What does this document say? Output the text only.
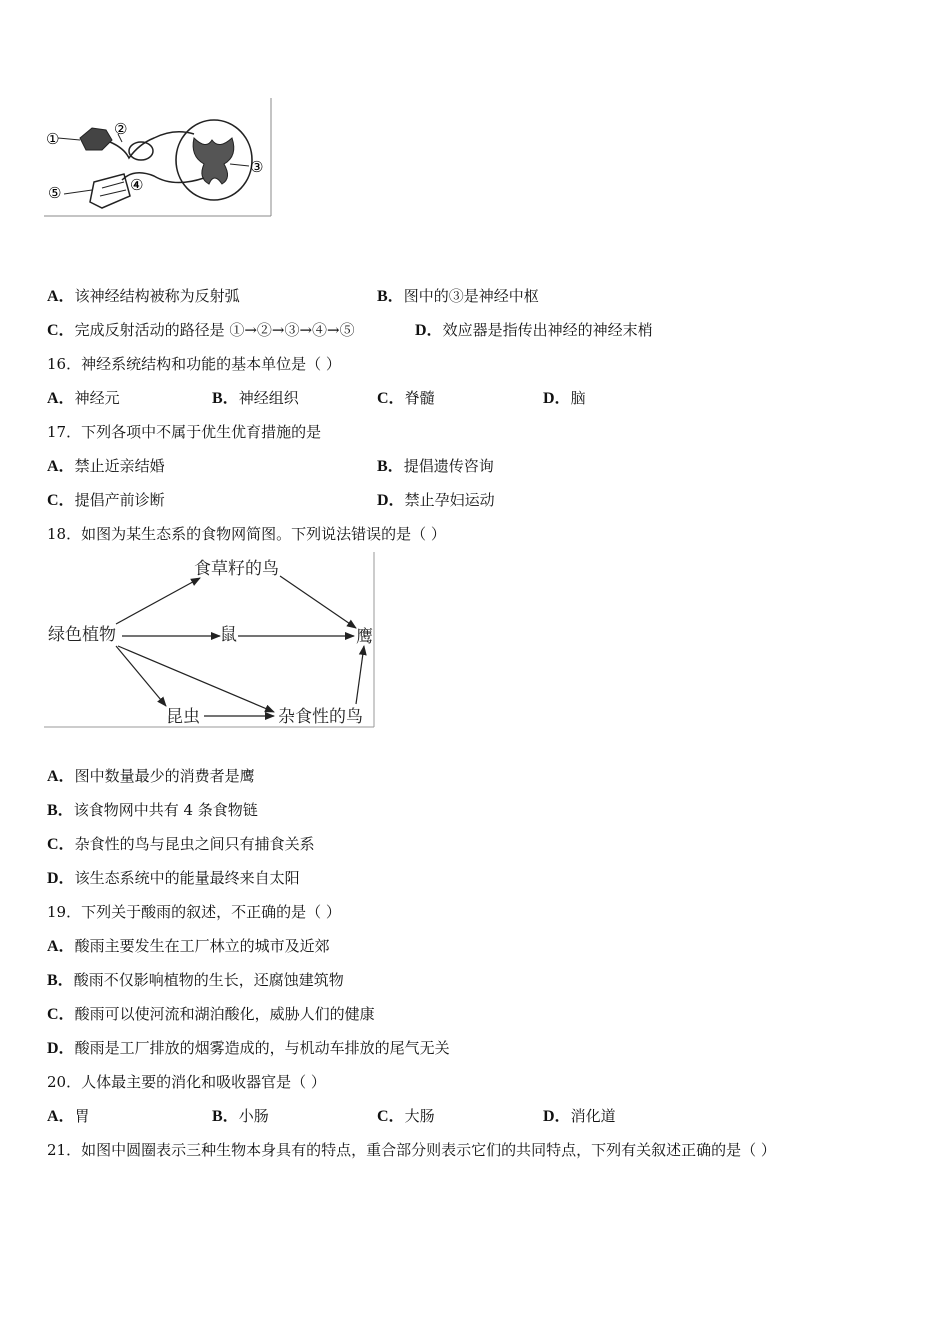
①
②
③
④
⑤
A．该神经结构被称为反射弧	B．图中的③是神经中枢
C．完成反射活动的路径是 ①→②→③→④→⑤	D．效应器是指传出神经的神经末梢
16．神经系统结构和功能的基本单位是（ ）
A．神经元	B．神经组织	C．脊髓	D．脑
17．下列各项中不属于优生优育措施的是
A．禁止近亲结婚	B．提倡遗传咨询
C．提倡产前诊断	D．禁止孕妇运动
18．如图为某生态系的食物网简图。下列说法错误的是（ ）
食草籽的鸟
绿色植物	鼠	鹰
昆虫	杂食性的鸟
A．图中数量最少的消费者是鹰
B．该食物网中共有 4 条食物链
C．杂食性的鸟与昆虫之间只有捕食关系
D．该生态系统中的能量最终来自太阳
19．下列关于酸雨的叙述，不正确的是（ ）
A．酸雨主要发生在工厂林立的城市及近郊
B．酸雨不仅影响植物的生长，还腐蚀建筑物
C．酸雨可以使河流和湖泊酸化，威胁人们的健康
D．酸雨是工厂排放的烟雾造成的，与机动车排放的尾气无关
20．人体最主要的消化和吸收器官是（ ）
A．胃	B．小肠	C．大肠	D．消化道
21．如图中圆圈表示三种生物本身具有的特点，重合部分则表示它们的共同特点，下列有关叙述正确的是（ ）
